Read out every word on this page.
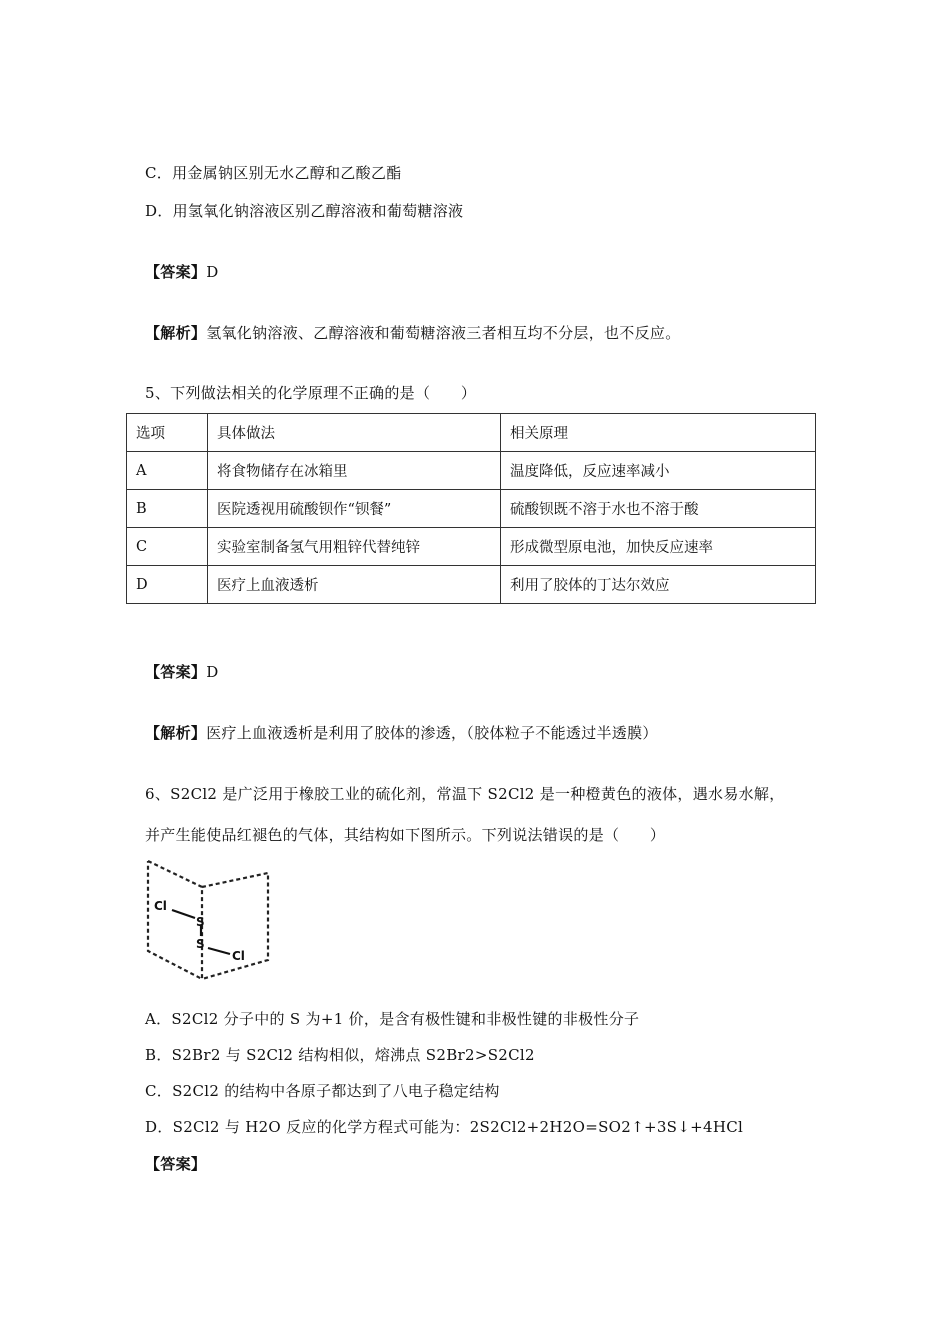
C．用金属钠区别无水乙醇和乙酸乙酯
D．用氢氧化钠溶液区别乙醇溶液和葡萄糖溶液
【答案】D
【解析】氢氧化钠溶液、乙醇溶液和葡萄糖溶液三者相互均不分层，也不反应。
5、下列做法相关的化学原理不正确的是（　　）
选项	具体做法	相关原理
A	将食物储存在冰箱里	温度降低，反应速率减小
B	医院透视用硫酸钡作“钡餐”	硫酸钡既不溶于水也不溶于酸
C	实验室制备氢气用粗锌代替纯锌	形成微型原电池，加快反应速率
D	医疗上血液透析	利用了胶体的丁达尔效应
【答案】D
【解析】医疗上血液透析是利用了胶体的渗透，（胶体粒子不能透过半透膜）
6、S2Cl2 是广泛用于橡胶工业的硫化剂，常温下 S2Cl2 是一种橙黄色的液体，遇水易水解，
并产生能使品红褪色的气体，其结构如下图所示。下列说法错误的是（　　）
Cl
S
S
Cl
A．S2Cl2 分子中的 S 为+1 价，是含有极性键和非极性键的非极性分子
B．S2Br2 与 S2Cl2 结构相似，熔沸点 S2Br2>S2Cl2
C．S2Cl2 的结构中各原子都达到了八电子稳定结构
D．S2Cl2 与 H2O 反应的化学方程式可能为：2S2Cl2+2H2O=SO2↑+3S↓+4HCl
【答案】
